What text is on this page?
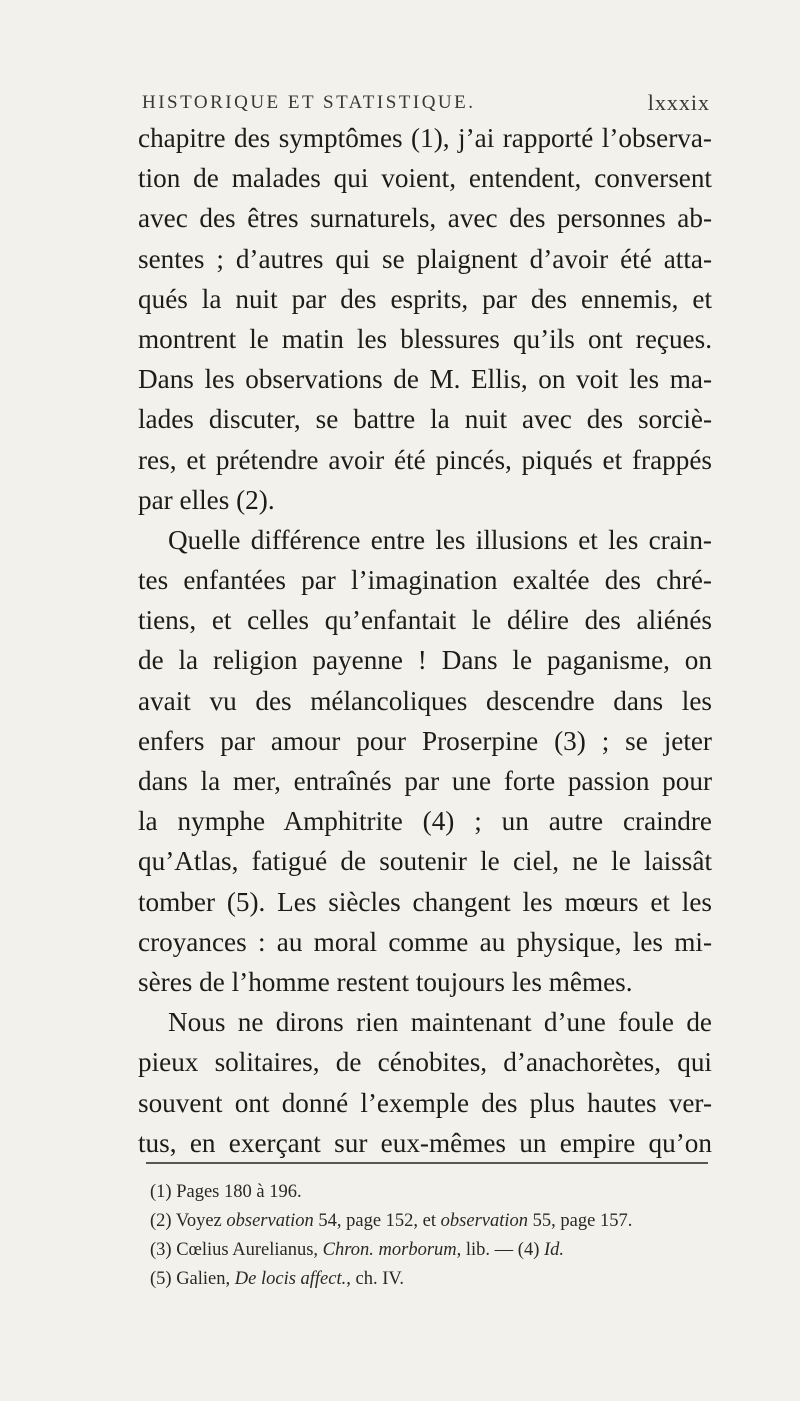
HISTORIQUE ET STATISTIQUE.	lxxxix
chapitre des symptômes (1), j’ai rapporté l’observa-
tion de malades qui voient, entendent, conversent
avec des êtres surnaturels, avec des personnes ab-
sentes ; d’autres qui se plaignent d’avoir été atta-
qués la nuit par des esprits, par des ennemis, et
montrent le matin les blessures qu’ils ont reçues.
Dans les observations de M. Ellis, on voit les ma-
lades discuter, se battre la nuit avec des sorciè-
res, et prétendre avoir été pincés, piqués et frappés
par elles (2).
Quelle différence entre les illusions et les crain-
tes enfantées par l’imagination exaltée des chré-
tiens, et celles qu’enfantait le délire des aliénés
de la religion payenne ! Dans le paganisme, on
avait vu des mélancoliques descendre dans les
enfers par amour pour Proserpine (3) ; se jeter
dans la mer, entraînés par une forte passion pour
la nymphe Amphitrite (4) ; un autre craindre
qu’Atlas, fatigué de soutenir le ciel, ne le laissât
tomber (5). Les siècles changent les mœurs et les
croyances : au moral comme au physique, les mi-
sères de l’homme restent toujours les mêmes.
Nous ne dirons rien maintenant d’une foule de
pieux solitaires, de cénobites, d’anachorètes, qui
souvent ont donné l’exemple des plus hautes ver-
tus, en exerçant sur eux-mêmes un empire qu’on
(1) Pages 180 à 196.
(2) Voyez observation 54, page 152, et observation 55, page 157.
(3) Cœlius Aurelianus, Chron. morborum, lib. — (4) Id.
(5) Galien, De locis affect., ch. IV.
